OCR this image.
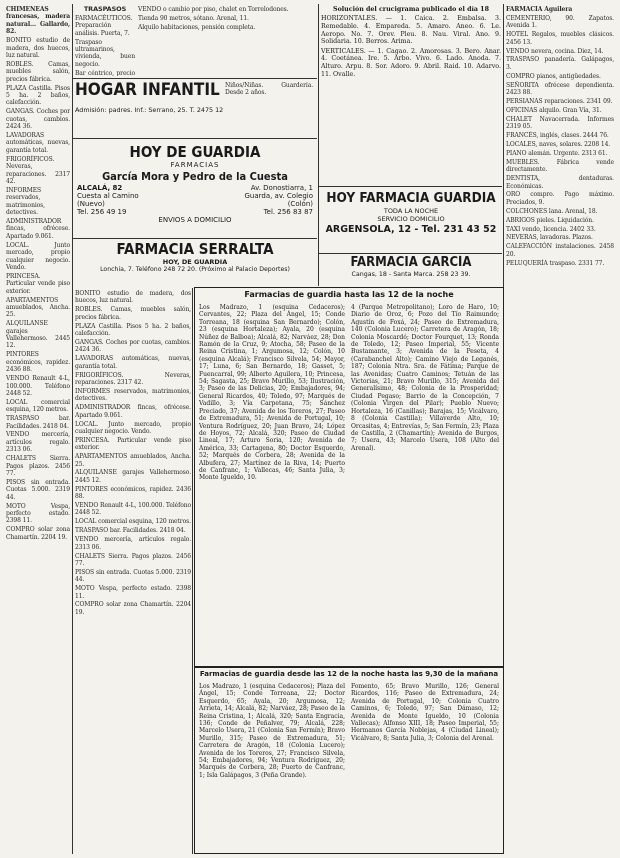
CHIMENEAS francesas, madera natural... Gallardo, 82.

BONITO estudio de madera, dos huecos, luz natural.

ROBLES. Camas, muebles salón, precios fábrica.

PLAZA Castilla. Pisos 5 ha. 2 baños, calefacción.

GANGAS. Coches por cuotas, cambios. 2424 36.

LAVADORAS automáticas, nuevas, garantía total.

FRIGORÍFICOS. Neveras, reparaciones. 2317 42.

INFORMES reservados, matrimonios, detectives.

ADMINISTRADOR fincas, ofrécese. Apartado 9.061.

LOCAL. Junto mercado, propio cualquier negocio. Vendo.

PRINCESA. Particular vende piso exterior.

APARTAMENTOS amueblados, Ancha. 25.

ALQUILANSE garajes Vallehermoso. 2445 12.

PINTORES económicos, rapidez. 2436 88.

VENDO Renault 4-L, 100.000. Teléfono 2448 52.

LOCAL comercial esquina, 120 metros.

TRASPASO bar. Facilidades. 2418 04.

VENDO mercería, artículos regalo. 2313 06.

CHALETS Sierra. Pagos plazos. 2456 77.

PISOS sin entrada. Cuotas 5.000. 2319 44.

MOTO Vespa, perfecto estado. 2398 11.

COMPRO solar zona Chamartín. 2204 19.

TRASPASOS

FARMACÉUTICOS. Preparación análisis. Puerta, 7.

Traspaso ultramarinos, vivienda, buen negocio.

Bar céntrico, precio

VENDO o cambio por piso, chalet en Torrelodones.

Tienda 90 metros, sótano. Arenal, 11.

Alquilo habitaciones, pensión completa.

HOGAR INFANTIL Niños/Niñas. Guardería. Desde 2 años.
Admisión: padres. Inf.: Serrano, 25. T. 2475 12
HOY DE GUARDIA
FARMACIAS
García Mora y Pedro de la Cuesta
ALCALÁ, 82
Cuesta al Camino
(Nuevo)
Tel. 256 49 19
Av. Donostiarra, 1
Guarda, av. Colegio
(Colón)
Tel. 256 83 87
ENVIOS A DOMICILIO
FARMACIA SERRALTA
HOY, DE GUARDIA
Lonchia, 7. Teléfono 248 72 20. (Próximo al Palacio Deportes)

Solución del crucigrama publicado el día 18

HORIZONTALES. — 1. Caica. 2. Embalsa. 3. Remedable. 4. Empareda. 5. Amaro. Aneo. 6. Le. Aeropo. No. 7. Orev. Pleu. 8. Nau. Viral. Ano. 9. Solidaria. 10. Berros. Arima.

VERTICALES. — 1. Cagao. 2. Amorosas. 3. Bero. Anar. 4. Coetánea. Ire. 5. Arbo. Vivo. 6. Lado. Anoda. 7. Alturo. Arpu. 8. Sor. Adoro. 9. Abril. Raid. 10. Adarvo. 11. Ovalle.

HOY FARMACIA GUARDIA
TODA LA NOCHE
SERVICIO DOMICILIO
ARGENSOLA, 12 - Tel. 231 43 52
FARMACIA GARCÍA
Cangas, 18 - Santa Marca. 258 23 39.

FARMACIA Aguilera

CEMENTERIO, 90. Zapatos. Avenida 1.

HOTEL Regalos, muebles clásicos. 2456 13.

VENDO nevera, cocina. Diez, 14.

TRASPASO panadería. Galápagos, 3.

COMPRO pianos, antigüedades.

SEÑORITA ofrécese dependienta. 2423 88.

PERSIANAS reparaciones. 2341 09.

OFICINAS alquilo. Gran Vía, 31.

CHALET Navacerrada. Informes 2319 05.

FRANCÉS, inglés, clases. 2444 76.

LOCALES, naves, solares. 2208 14.

PIANO alemán. Urgente. 2313 61.

MUEBLES. Fábrica vende directamente.

DENTISTA, dentaduras. Económicas.

ORO compro. Pago máximo. Preciados, 9.

COLCHONES lana. Arenal, 18.

ABRIGOS pieles. Liquidación.

TAXI vendo, licencia. 2402 33.

NEVERAS, lavadoras. Plazos.

CALEFACCIÓN instalaciones. 2458 20.

PELUQUERÍA traspaso. 2331 77.

Farmacias de guardia hasta las 12 de la noche
Los Madrazo, 1 (esquina Cedaceros); Cervantes, 22; Plaza del Ángel, 15; Conde Torreana, 18 (esquina San Bernardo); Colón, 23 (esquina Hortaleza); Ayala, 20 (esquina Núñez de Balboa); Alcalá, 82; Narváez, 28; Don Ramón de la Cruz, 9; Atocha, 58; Paseo de la Reina Cristina, 1; Argumosa, 12; Colón, 10 (esquina Alcalá); Francisco Silvela, 54; Mayor, 17; Luna, 6; San Bernardo, 18; Gasset, 5; Fuencarral, 99; Alberto Aguilera, 10; Princesa, 54; Sagasta, 25; Bravo Murillo, 53; Ilustración, 3; Paseo de las Delicias, 20; Embajadores, 94; General Ricardos, 40; Toledo, 97; Marqués de Vadillo, 3; Vía Carpetana, 75; Sánchez Preciado, 37; Avenida de los Toreros, 27; Paseo de Extremadura, 51; Avenida de Portugal, 10; Ventura Rodríguez, 20; Juan Bravo, 24; López de Hoyos, 72; Alcalá, 320; Paseo de Ciudad Lineal, 17; Arturo Soria, 120; Avenida de América, 33; Cartagena, 80; Doctor Esquerdo, 52; Marqués de Corbera, 28; Avenida de la Albufera, 27; Martínez de la Riva, 14; Puerto de Canfranc, 1; Vallecas, 46; Santa Julia, 3; Monte Igueldo, 10.
4 (Parque Metropolitano); Loro de Haro, 10; Diario de Oroz, 6; Pozo del Tío Raimundo; Agustín de Foxá, 24; Paseo de Extremadura, 140 (Colonia Lucero); Carretera de Aragón, 18; Colonia Moscardó; Doctor Fourquet, 13; Ronda de Toledo, 12; Paseo Imperial, 55; Vicente Bustamante, 3; Avenida de la Peseta, 4 (Carabanchel Alto); Camino Viejo de Leganés, 187; Colonia Ntra. Sra. de Fátima; Parque de las Avenidas; Cuatro Caminos; Tetuán de las Victorias, 21; Bravo Murillo, 315; Avenida del Generalísimo, 48; Colonia de la Prosperidad; Ciudad Pegaso; Barrio de la Concepción, 7 (Colonia Virgen del Pilar); Pueblo Nuevo; Hortaleza, 16 (Canillas); Barajas, 15; Vicálvaro, 8 (Colonia Castilla); Villaverde Alto, 10; Orcasitas, 4; Entrevías, 5; San Fermín, 23; Plaza de Castilla, 2 (Chamartín); Avenida de Burgos, 7; Usera, 43; Marcelo Usera, 108 (Alto del Arenal).
Farmacias de guardia desde las 12 de la noche hasta las 9,30 de la mañana
Los Madrazo, 1 (esquina Cedaceros); Plaza del Ángel, 15; Conde Torreana, 22; Doctor Esquerdo, 65; Ayala, 20; Argumosa, 12; Arrieta, 14; Alcalá, 82; Narváez, 28; Paseo de la Reina Cristina, 1; Alcalá, 320; Santa Engracia, 136; Conde de Peñalver, 79; Alcalá, 228; Marcelo Usera, 21 (Colonia San Fermín); Bravo Murillo, 315; Paseo de Extremadura, 51; Carretera de Aragón, 18 (Colonia Lucero); Avenida de los Toreros, 27; Francisco Silvela, 54; Embajadores, 94; Ventura Rodríguez, 20; Marqués de Corbera, 28; Puerto de Canfranc, 1; Isla Galápagos, 3 (Peña Grande).
Fomento, 65; Bravo Murillo, 126; General Ricardos, 116; Paseo de Extremadura, 24; Avenida de Portugal, 10; Colonia Cuatro Caminos, 6; Toledo, 97; San Dámaso, 12; Avenida de Monte Igueldo, 10 (Colonia Vallecas); Alfonso XIII, 18; Paseo Imperial, 55; Hermanos García Noblejas, 4 (Ciudad Lineal); Vicálvaro, 8; Santa Julia, 3; Colonia del Arenal.

BONITO estudio de madera, dos huecos, luz natural.

ROBLES. Camas, muebles salón, precios fábrica.

PLAZA Castilla. Pisos 5 ha. 2 baños, calefacción.

GANGAS. Coches por cuotas, cambios. 2424 36.

LAVADORAS automáticas, nuevas, garantía total.

FRIGORÍFICOS. Neveras, reparaciones. 2317 42.

INFORMES reservados, matrimonios, detectives.

ADMINISTRADOR fincas, ofrécese. Apartado 9.061.

LOCAL. Junto mercado, propio cualquier negocio. Vendo.

PRINCESA. Particular vende piso exterior.

APARTAMENTOS amueblados, Ancha. 25.

ALQUILANSE garajes Vallehermoso. 2445 12.

PINTORES económicos, rapidez. 2436 88.

VENDO Renault 4-L, 100.000. Teléfono 2448 52.

LOCAL comercial esquina, 120 metros.

TRASPASO bar. Facilidades. 2418 04.

VENDO mercería, artículos regalo. 2313 06.

CHALETS Sierra. Pagos plazos. 2456 77.

PISOS sin entrada. Cuotas 5.000. 2319 44.

MOTO Vespa, perfecto estado. 2398 11.

COMPRO solar zona Chamartín. 2204 19.
